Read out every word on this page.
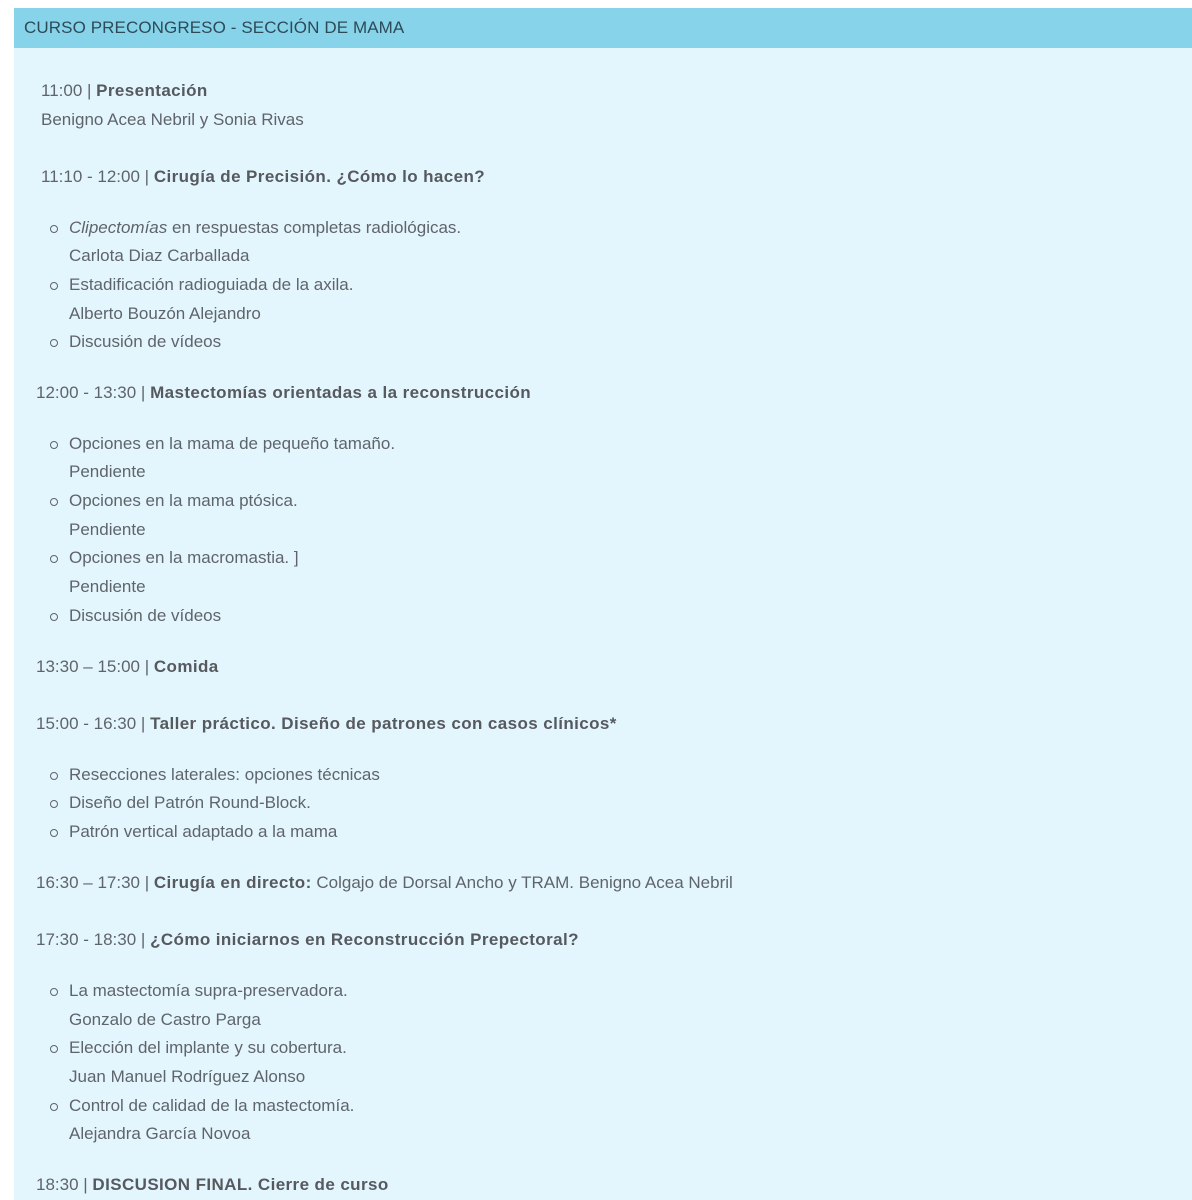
CURSO PRECONGRESO - SECCIÓN DE MAMA
11:00 | Presentación
Benigno Acea Nebril y Sonia Rivas
11:10 - 12:00 | Cirugía de Precisión. ¿Cómo lo hacen?
Clipectomías en respuestas completas radiológicas.
Carlota Diaz Carballada
Estadificación radioguiada de la axila.
Alberto Bouzón Alejandro
Discusión de vídeos
12:00 - 13:30 | Mastectomías orientadas a la reconstrucción
Opciones en la mama de pequeño tamaño.
Pendiente
Opciones en la mama ptósica.
Pendiente
Opciones en la macromastia. ]
Pendiente
Discusión de vídeos
13:30 – 15:00 | Comida
15:00 - 16:30 | Taller práctico. Diseño de patrones con casos clínicos*
Resecciones laterales: opciones técnicas
Diseño del Patrón Round-Block.
Patrón vertical adaptado a la mama
16:30 – 17:30 | Cirugía en directo: Colgajo de Dorsal Ancho y TRAM. Benigno Acea Nebril
17:30 - 18:30 | ¿Cómo iniciarnos en Reconstrucción Prepectoral?
La mastectomía supra-preservadora.
Gonzalo de Castro Parga
Elección del implante y su cobertura.
Juan Manuel Rodríguez Alonso
Control de calidad de la mastectomía.
Alejandra García Novoa
18:30 | DISCUSION FINAL. Cierre de curso
